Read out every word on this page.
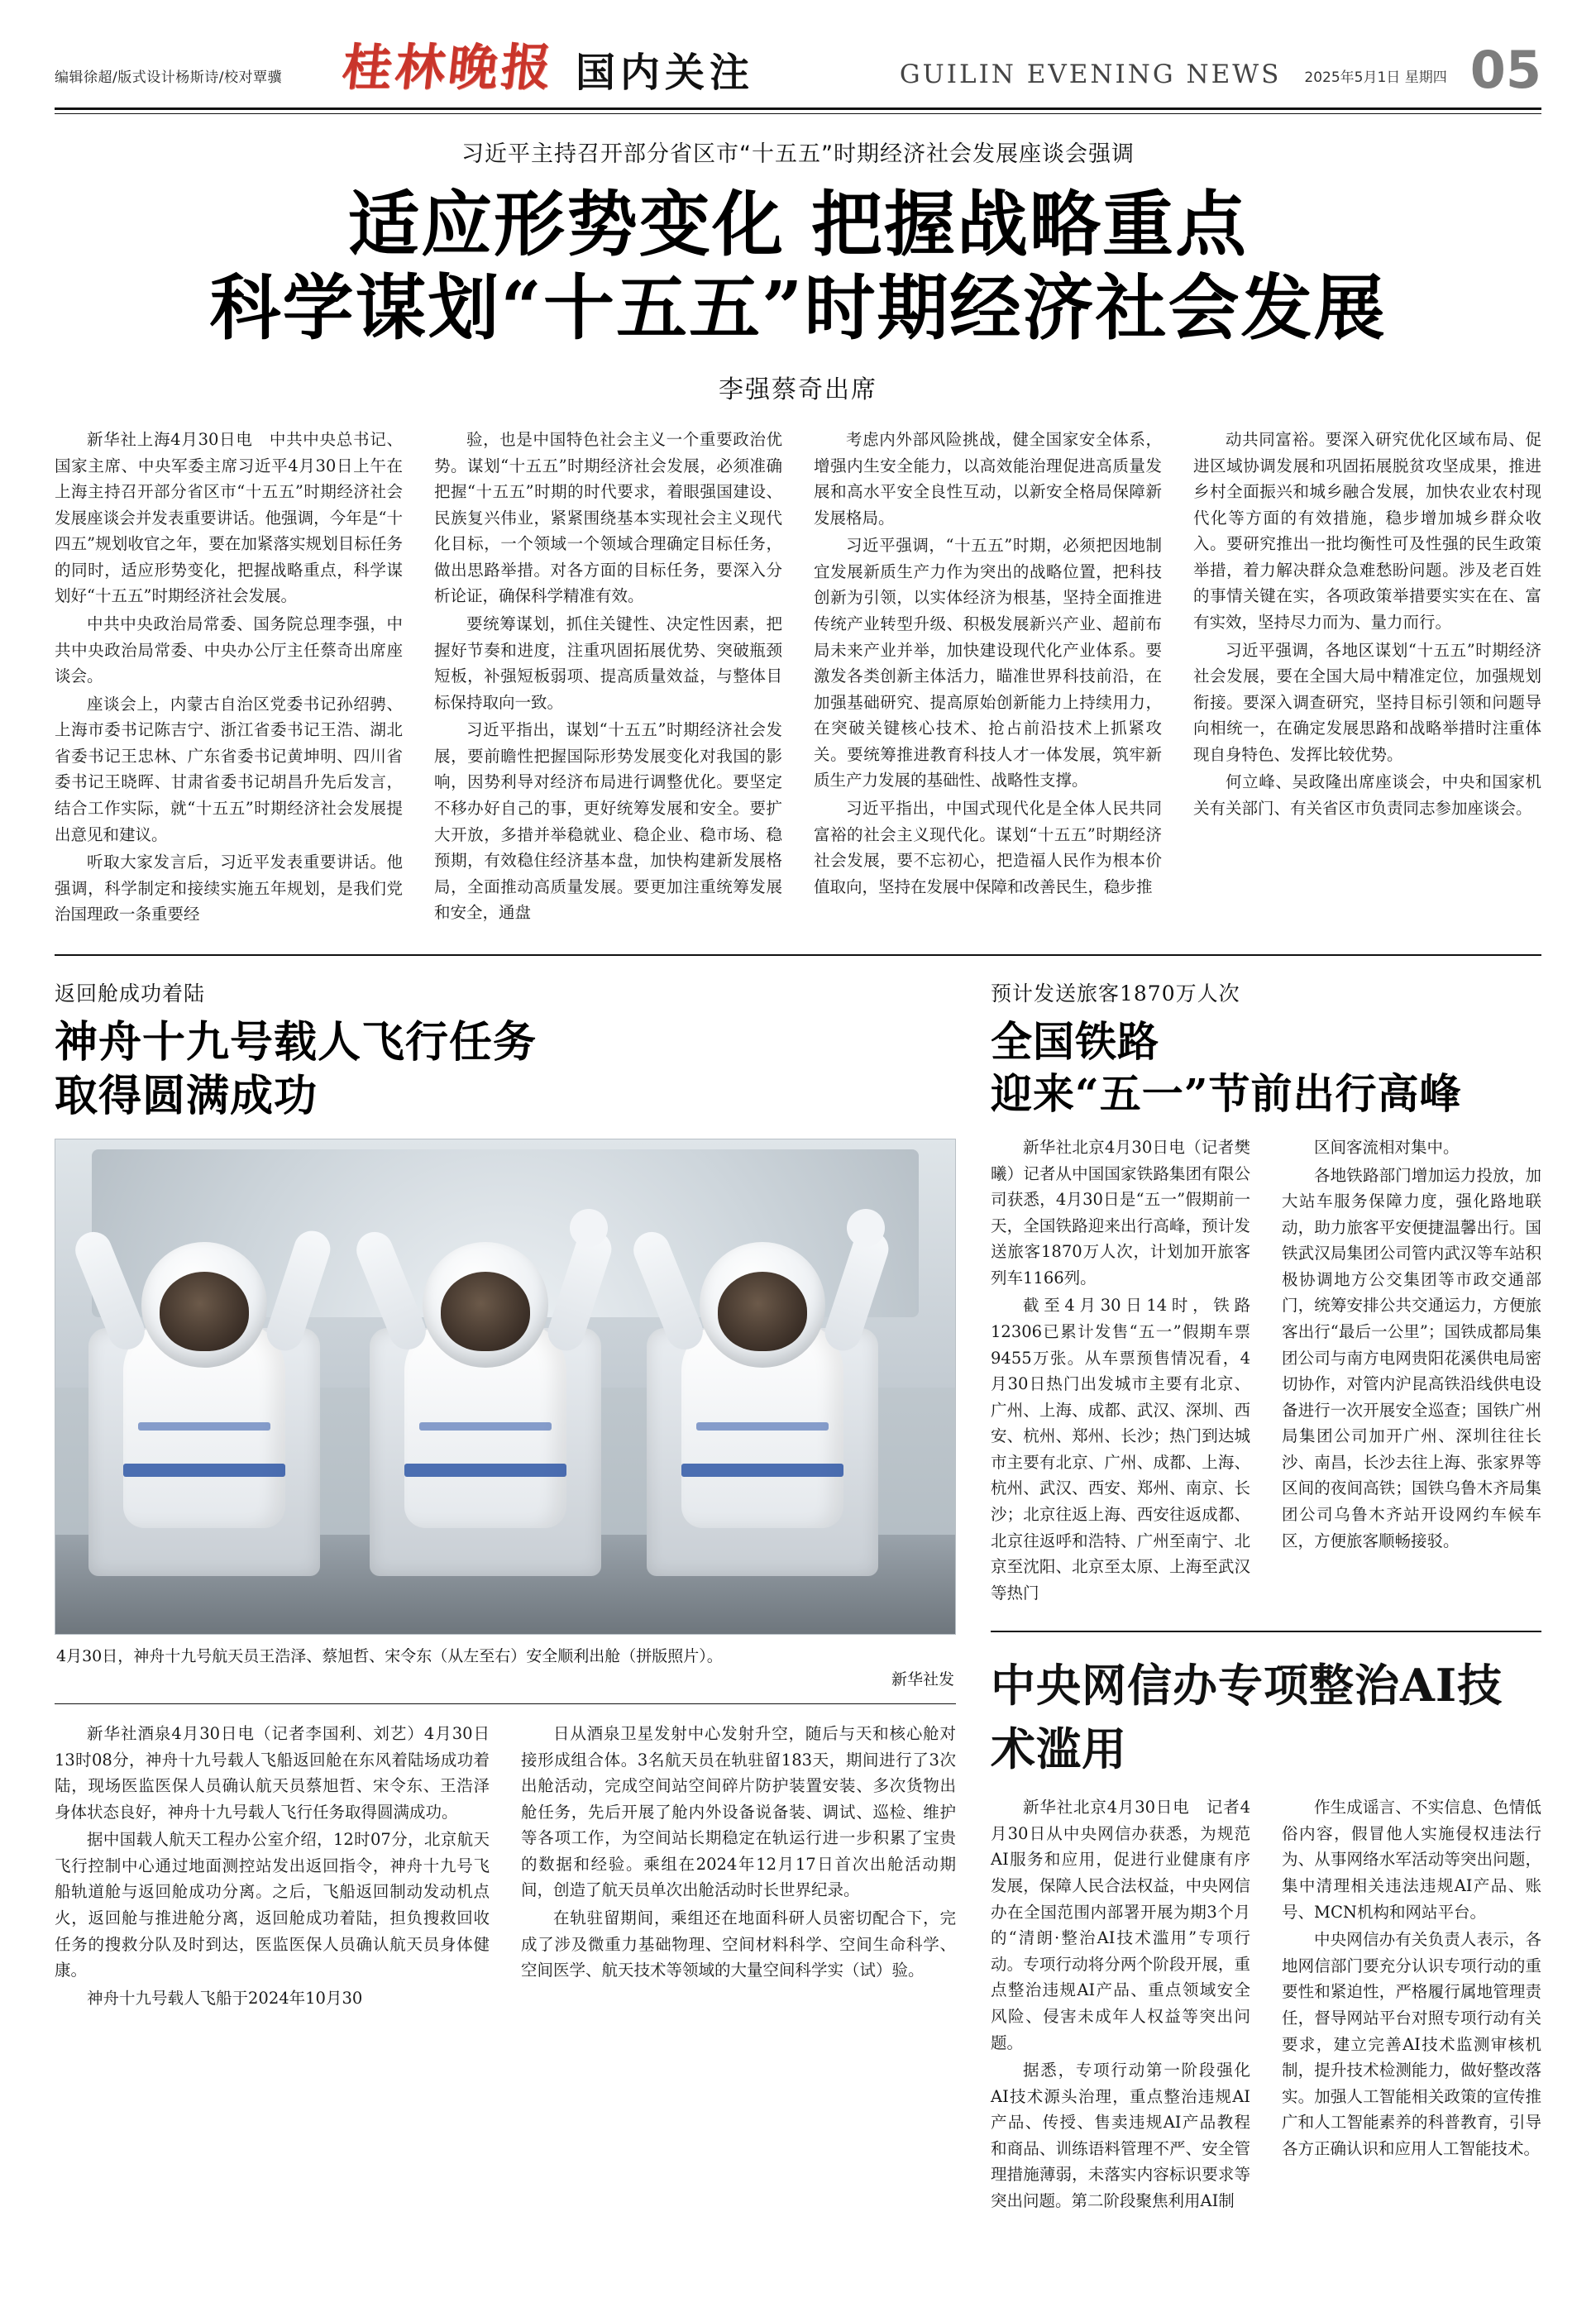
编辑徐超/版式设计杨斯诗/校对覃骥	桂林晚报 国内关注	GUILIN EVENING NEWS 2025年5月1日 星期四 05
习近平主持召开部分省区市“十五五”时期经济社会发展座谈会强调
适应形势变化 把握战略重点
科学谋划“十五五”时期经济社会发展
李强蔡奇出席

新华社上海4月30日电　中共中央总书记、国家主席、中央军委主席习近平4月30日上午在上海主持召开部分省区市“十五五”时期经济社会发展座谈会并发表重要讲话。他强调，今年是“十四五”规划收官之年，要在加紧落实规划目标任务的同时，适应形势变化，把握战略重点，科学谋划好“十五五”时期经济社会发展。

中共中央政治局常委、国务院总理李强，中共中央政治局常委、中央办公厅主任蔡奇出席座谈会。

座谈会上，内蒙古自治区党委书记孙绍骋、上海市委书记陈吉宁、浙江省委书记王浩、湖北省委书记王忠林、广东省委书记黄坤明、四川省委书记王晓晖、甘肃省委书记胡昌升先后发言，结合工作实际，就“十五五”时期经济社会发展提出意见和建议。

听取大家发言后，习近平发表重要讲话。他强调，科学制定和接续实施五年规划，是我们党治国理政一条重要经

验，也是中国特色社会主义一个重要政治优势。谋划“十五五”时期经济社会发展，必须准确把握“十五五”时期的时代要求，着眼强国建设、民族复兴伟业，紧紧围绕基本实现社会主义现代化目标，一个领域一个领域合理确定目标任务，做出思路举措。对各方面的目标任务，要深入分析论证，确保科学精准有效。

要统筹谋划，抓住关键性、决定性因素，把握好节奏和进度，注重巩固拓展优势、突破瓶颈短板，补强短板弱项、提高质量效益，与整体目标保持取向一致。

习近平指出，谋划“十五五”时期经济社会发展，要前瞻性把握国际形势发展变化对我国的影响，因势利导对经济布局进行调整优化。要坚定不移办好自己的事，更好统筹发展和安全。要扩大开放，多措并举稳就业、稳企业、稳市场、稳预期，有效稳住经济基本盘，加快构建新发展格局，全面推动高质量发展。要更加注重统筹发展和安全，通盘

考虑内外部风险挑战，健全国家安全体系，增强内生安全能力，以高效能治理促进高质量发展和高水平安全良性互动，以新安全格局保障新发展格局。

习近平强调，“十五五”时期，必须把因地制宜发展新质生产力作为突出的战略位置，把科技创新为引领，以实体经济为根基，坚持全面推进传统产业转型升级、积极发展新兴产业、超前布局未来产业并举，加快建设现代化产业体系。要激发各类创新主体活力，瞄准世界科技前沿，在加强基础研究、提高原始创新能力上持续用力，在突破关键核心技术、抢占前沿技术上抓紧攻关。要统筹推进教育科技人才一体发展，筑牢新质生产力发展的基础性、战略性支撑。

习近平指出，中国式现代化是全体人民共同富裕的社会主义现代化。谋划“十五五”时期经济社会发展，要不忘初心，把造福人民作为根本价值取向，坚持在发展中保障和改善民生，稳步推

动共同富裕。要深入研究优化区域布局、促进区域协调发展和巩固拓展脱贫攻坚成果，推进乡村全面振兴和城乡融合发展，加快农业农村现代化等方面的有效措施，稳步增加城乡群众收入。要研究推出一批均衡性可及性强的民生政策举措，着力解决群众急难愁盼问题。涉及老百姓的事情关键在实，各项政策举措要实实在在、富有实效，坚持尽力而为、量力而行。

习近平强调，各地区谋划“十五五”时期经济社会发展，要在全国大局中精准定位，加强规划衔接。要深入调查研究，坚持目标引领和问题导向相统一，在确定发展思路和战略举措时注重体现自身特色、发挥比较优势。

何立峰、吴政隆出席座谈会，中央和国家机关有关部门、有关省区市负责同志参加座谈会。

返回舱成功着陆
神舟十九号载人飞行任务
取得圆满成功
4月30日，神舟十九号航天员王浩泽、蔡旭哲、宋令东（从左至右）安全顺利出舱（拼版照片）。
新华社发

新华社酒泉4月30日电（记者李国利、刘艺）4月30日13时08分，神舟十九号载人飞船返回舱在东风着陆场成功着陆，现场医监医保人员确认航天员蔡旭哲、宋令东、王浩泽身体状态良好，神舟十九号载人飞行任务取得圆满成功。

据中国载人航天工程办公室介绍，12时07分，北京航天飞行控制中心通过地面测控站发出返回指令，神舟十九号飞船轨道舱与返回舱成功分离。之后，飞船返回制动发动机点火，返回舱与推进舱分离，返回舱成功着陆，担负搜救回收任务的搜救分队及时到达，医监医保人员确认航天员身体健康。

神舟十九号载人飞船于2024年10月30

日从酒泉卫星发射中心发射升空，随后与天和核心舱对接形成组合体。3名航天员在轨驻留183天，期间进行了3次出舱活动，完成空间站空间碎片防护装置安装、多次货物出舱任务，先后开展了舱内外设备说备装、调试、巡检、维护等各项工作，为空间站长期稳定在轨运行进一步积累了宝贵的数据和经验。乘组在2024年12月17日首次出舱活动期间，创造了航天员单次出舱活动时长世界纪录。

在轨驻留期间，乘组还在地面科研人员密切配合下，完成了涉及微重力基础物理、空间材料科学、空间生命科学、空间医学、航天技术等领域的大量空间科学实（试）验。

预计发送旅客1870万人次
全国铁路
迎来“五一”节前出行高峰

新华社北京4月30日电（记者樊曦）记者从中国国家铁路集团有限公司获悉，4月30日是“五一”假期前一天，全国铁路迎来出行高峰，预计发送旅客1870万人次，计划加开旅客列车1166列。

截至4月30日14时，铁路12306已累计发售“五一”假期车票9455万张。从车票预售情况看，4月30日热门出发城市主要有北京、广州、上海、成都、武汉、深圳、西安、杭州、郑州、长沙；热门到达城市主要有北京、广州、成都、上海、杭州、武汉、西安、郑州、南京、长沙；北京往返上海、西安往返成都、北京往返呼和浩特、广州至南宁、北京至沈阳、北京至太原、上海至武汉等热门

区间客流相对集中。

各地铁路部门增加运力投放，加大站车服务保障力度，强化路地联动，助力旅客平安便捷温馨出行。国铁武汉局集团公司管内武汉等车站积极协调地方公交集团等市政交通部门，统筹安排公共交通运力，方便旅客出行“最后一公里”；国铁成都局集团公司与南方电网贵阳花溪供电局密切协作，对管内沪昆高铁沿线供电设备进行一次开展安全巡查；国铁广州局集团公司加开广州、深圳往往长沙、南昌，长沙去往上海、张家界等区间的夜间高铁；国铁乌鲁木齐局集团公司乌鲁木齐站开设网约车候车区，方便旅客顺畅接驳。

中央网信办专项整治AI技术滥用

新华社北京4月30日电　记者4月30日从中央网信办获悉，为规范AI服务和应用，促进行业健康有序发展，保障人民合法权益，中央网信办在全国范围内部署开展为期3个月的“清朗·整治AI技术滥用”专项行动。专项行动将分两个阶段开展，重点整治违规AI产品、重点领域安全风险、侵害未成年人权益等突出问题。

据悉，专项行动第一阶段强化AI技术源头治理，重点整治违规AI产品、传授、售卖违规AI产品教程和商品、训练语料管理不严、安全管理措施薄弱，未落实内容标识要求等突出问题。第二阶段聚焦利用AI制

作生成谣言、不实信息、色情低俗内容，假冒他人实施侵权违法行为、从事网络水军活动等突出问题，集中清理相关违法违规AI产品、账号、MCN机构和网站平台。

中央网信办有关负责人表示，各地网信部门要充分认识专项行动的重要性和紧迫性，严格履行属地管理责任，督导网站平台对照专项行动有关要求，建立完善AI技术监测审核机制，提升技术检测能力，做好整改落实。加强人工智能相关政策的宣传推广和人工智能素养的科普教育，引导各方正确认识和应用人工智能技术。
